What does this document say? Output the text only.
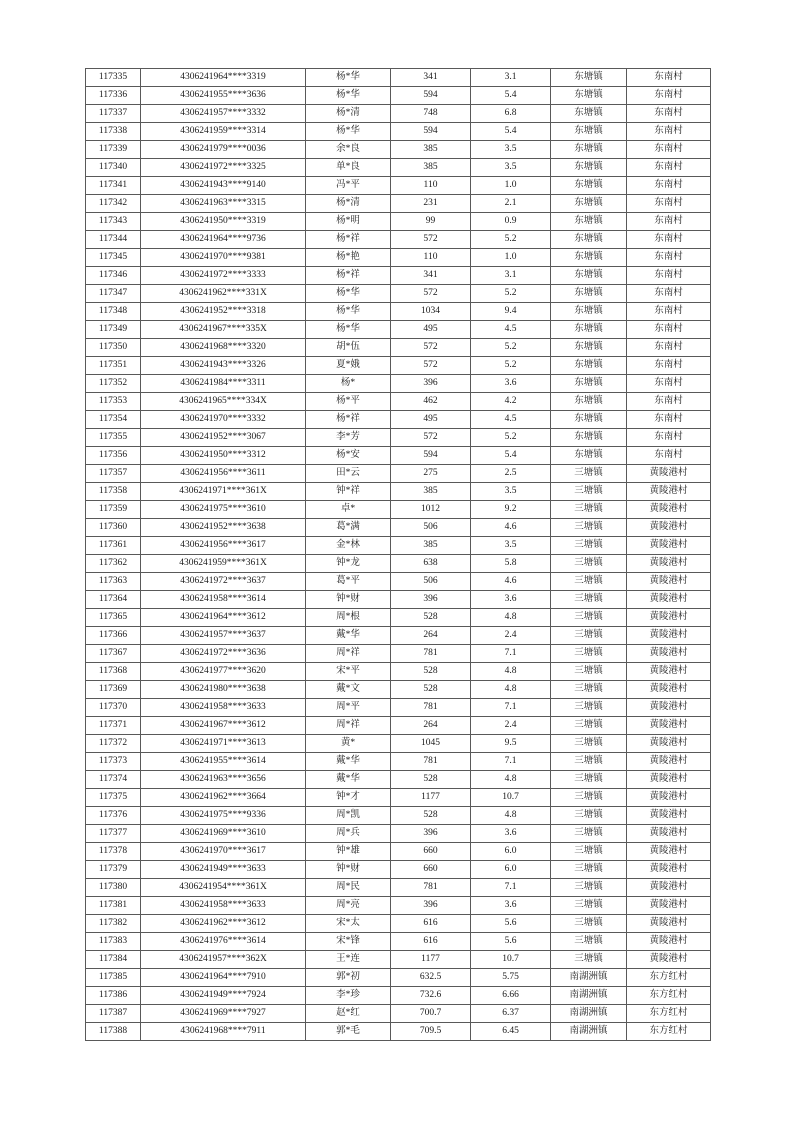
117335	4306241964****3319	杨*华	341	3.1	东塘镇	东南村
117336	4306241955****3636	杨*华	594	5.4	东塘镇	东南村
117337	4306241957****3332	杨*清	748	6.8	东塘镇	东南村
117338	4306241959****3314	杨*华	594	5.4	东塘镇	东南村
117339	4306241979****0036	余*良	385	3.5	东塘镇	东南村
117340	4306241972****3325	单*良	385	3.5	东塘镇	东南村
117341	4306241943****9140	冯*平	110	1.0	东塘镇	东南村
117342	4306241963****3315	杨*清	231	2.1	东塘镇	东南村
117343	4306241950****3319	杨*明	99	0.9	东塘镇	东南村
117344	4306241964****9736	杨*祥	572	5.2	东塘镇	东南村
117345	4306241970****9381	杨*艳	110	1.0	东塘镇	东南村
117346	4306241972****3333	杨*祥	341	3.1	东塘镇	东南村
117347	4306241962****331X	杨*华	572	5.2	东塘镇	东南村
117348	4306241952****3318	杨*华	1034	9.4	东塘镇	东南村
117349	4306241967****335X	杨*华	495	4.5	东塘镇	东南村
117350	4306241968****3320	胡*伍	572	5.2	东塘镇	东南村
117351	4306241943****3326	夏*娥	572	5.2	东塘镇	东南村
117352	4306241984****3311	杨*	396	3.6	东塘镇	东南村
117353	4306241965****334X	杨*平	462	4.2	东塘镇	东南村
117354	4306241970****3332	杨*祥	495	4.5	东塘镇	东南村
117355	4306241952****3067	李*芳	572	5.2	东塘镇	东南村
117356	4306241950****3312	杨*安	594	5.4	东塘镇	东南村
117357	4306241956****3611	田*云	275	2.5	三塘镇	黄陵港村
117358	4306241971****361X	钟*祥	385	3.5	三塘镇	黄陵港村
117359	4306241975****3610	卓*	1012	9.2	三塘镇	黄陵港村
117360	4306241952****3638	葛*满	506	4.6	三塘镇	黄陵港村
117361	4306241956****3617	金*林	385	3.5	三塘镇	黄陵港村
117362	4306241959****361X	钟*龙	638	5.8	三塘镇	黄陵港村
117363	4306241972****3637	葛*平	506	4.6	三塘镇	黄陵港村
117364	4306241958****3614	钟*财	396	3.6	三塘镇	黄陵港村
117365	4306241964****3612	周*根	528	4.8	三塘镇	黄陵港村
117366	4306241957****3637	戴*华	264	2.4	三塘镇	黄陵港村
117367	4306241972****3636	周*祥	781	7.1	三塘镇	黄陵港村
117368	4306241977****3620	宋*平	528	4.8	三塘镇	黄陵港村
117369	4306241980****3638	戴*文	528	4.8	三塘镇	黄陵港村
117370	4306241958****3633	周*平	781	7.1	三塘镇	黄陵港村
117371	4306241967****3612	周*祥	264	2.4	三塘镇	黄陵港村
117372	4306241971****3613	黄*	1045	9.5	三塘镇	黄陵港村
117373	4306241955****3614	戴*华	781	7.1	三塘镇	黄陵港村
117374	4306241963****3656	戴*华	528	4.8	三塘镇	黄陵港村
117375	4306241962****3664	钟*才	1177	10.7	三塘镇	黄陵港村
117376	4306241975****9336	周*凯	528	4.8	三塘镇	黄陵港村
117377	4306241969****3610	周*兵	396	3.6	三塘镇	黄陵港村
117378	4306241970****3617	钟*雄	660	6.0	三塘镇	黄陵港村
117379	4306241949****3633	钟*财	660	6.0	三塘镇	黄陵港村
117380	4306241954****361X	周*民	781	7.1	三塘镇	黄陵港村
117381	4306241958****3633	周*亮	396	3.6	三塘镇	黄陵港村
117382	4306241962****3612	宋*太	616	5.6	三塘镇	黄陵港村
117383	4306241976****3614	宋*锋	616	5.6	三塘镇	黄陵港村
117384	4306241957****362X	王*连	1177	10.7	三塘镇	黄陵港村
117385	4306241964****7910	郭*初	632.5	5.75	南湖洲镇	东方红村
117386	4306241949****7924	李*珍	732.6	6.66	南湖洲镇	东方红村
117387	4306241969****7927	赵*红	700.7	6.37	南湖洲镇	东方红村
117388	4306241968****7911	郭*毛	709.5	6.45	南湖洲镇	东方红村
